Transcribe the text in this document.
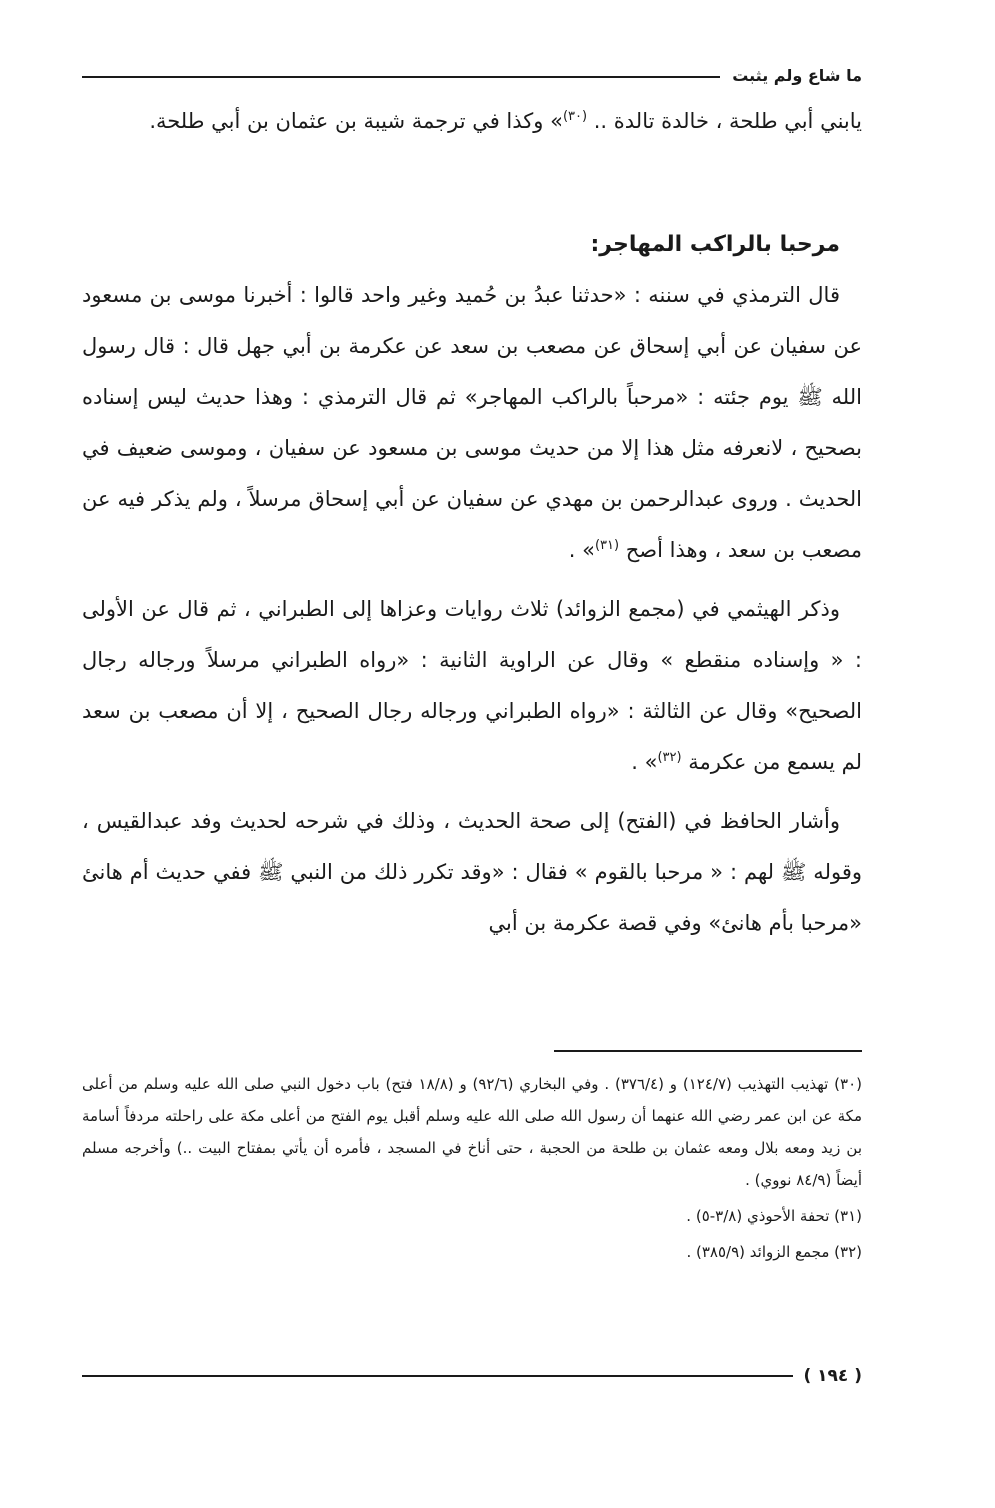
ما شاع ولم يثبت

يابني أبي طلحة ، خالدة تالدة .. $^{(٣٠)}$» وكذا في ترجمة شيبة بن عثمان بن أبي طلحة.

مرحبا بالراكب المهاجر:

قال الترمذي في سننه : «حدثنا عبدُ بن حُميد وغير واحد قالوا : أخبرنا موسى بن مسعود عن سفيان عن أبي إسحاق عن مصعب بن سعد عن عكرمة بن أبي جهل قال : قال رسول الله ﷺ يوم جئته : «مرحباً بالراكب المهاجر» ثم قال الترمذي : وهذا حديث ليس إسناده بصحيح ، لانعرفه مثل هذا إلا من حديث موسى بن مسعود عن سفيان ، وموسى ضعيف في الحديث . وروى عبدالرحمن بن مهدي عن سفيان عن أبي إسحاق مرسلاً ، ولم يذكر فيه عن مصعب بن سعد ، وهذا أصح $^{(٣١)}$» .

وذكر الهيثمي في (مجمع الزوائد) ثلاث روايات وعزاها إلى الطبراني ، ثم قال عن الأولى : « وإسناده منقطع » وقال عن الراوية الثانية : «رواه الطبراني مرسلاً ورجاله رجال الصحيح» وقال عن الثالثة : «رواه الطبراني ورجاله رجال الصحيح ، إلا أن مصعب بن سعد لم يسمع من عكرمة $^{(٣٢)}$» .

وأشار الحافظ في (الفتح) إلى صحة الحديث ، وذلك في شرحه لحديث وفد عبدالقيس ، وقوله ﷺ لهم : « مرحبا بالقوم » فقال : «وقد تكرر ذلك من النبي ﷺ ففي حديث أم هانئ «مرحبا بأم هانئ» وفي قصة عكرمة بن أبي

(٣٠) تهذيب التهذيب (١٢٤/٧) و (٣٧٦/٤) . وفي البخاري (٩٢/٦) و (١٨/٨ فتح) باب دخول النبي صلى الله عليه وسلم من أعلى مكة عن ابن عمر رضي الله عنهما أن رسول الله صلى الله عليه وسلم أقبل يوم الفتح من أعلى مكة على راحلته مردفاً أسامة بن زيد ومعه بلال ومعه عثمان بن طلحة من الحجبة ، حتى أناخ في المسجد ، فأمره أن يأتي بمفتاح البيت ..) وأخرجه مسلم أيضاً (٨٤/٩ نووي) .

(٣١) تحفة الأحوذي (٣/٨-٥) .

(٣٢) مجمع الزوائد (٣٨٥/٩) .

( ١٩٤ )
